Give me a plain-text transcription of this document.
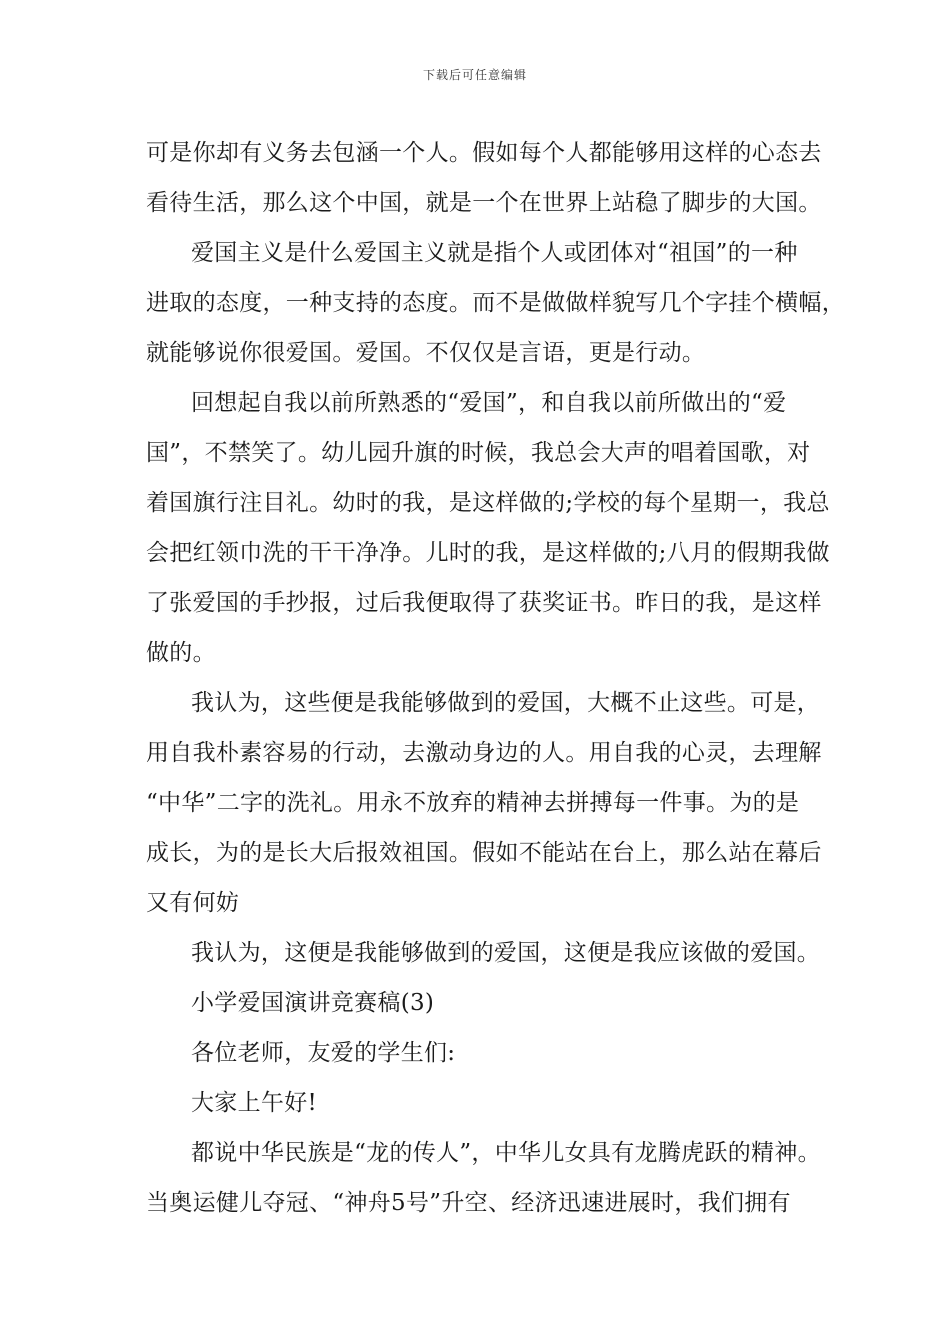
下载后可任意编辑
可是你却有义务去包涵一个人。假如每个人都能够用这样的心态去
看待生活，那么这个中国，就是一个在世界上站稳了脚步的大国。
爱国主义是什么爱国主义就是指个人或团体对“祖国”的一种
进取的态度，一种支持的态度。而不是做做样貌写几个字挂个横幅，
就能够说你很爱国。爱国。不仅仅是言语，更是行动。
回想起自我以前所熟悉的“爱国”，和自我以前所做出的“爱
国”，不禁笑了。幼儿园升旗的时候，我总会大声的唱着国歌，对
着国旗行注目礼。幼时的我，是这样做的;学校的每个星期一，我总
会把红领巾洗的干干净净。儿时的我，是这样做的;八月的假期我做
了张爱国的手抄报，过后我便取得了获奖证书。昨日的我，是这样
做的。
我认为，这些便是我能够做到的爱国，大概不止这些。可是，
用自我朴素容易的行动，去激动身边的人。用自我的心灵，去理解
“中华”二字的洗礼。用永不放弃的精神去拼搏每一件事。为的是
成长，为的是长大后报效祖国。假如不能站在台上，那么站在幕后
又有何妨
我认为，这便是我能够做到的爱国，这便是我应该做的爱国。
小学爱国演讲竞赛稿(3)
各位老师，友爱的学生们:
大家上午好!
都说中华民族是“龙的传人”，中华儿女具有龙腾虎跃的精神。
当奥运健儿夺冠、“神舟5号”升空、经济迅速进展时，我们拥有
